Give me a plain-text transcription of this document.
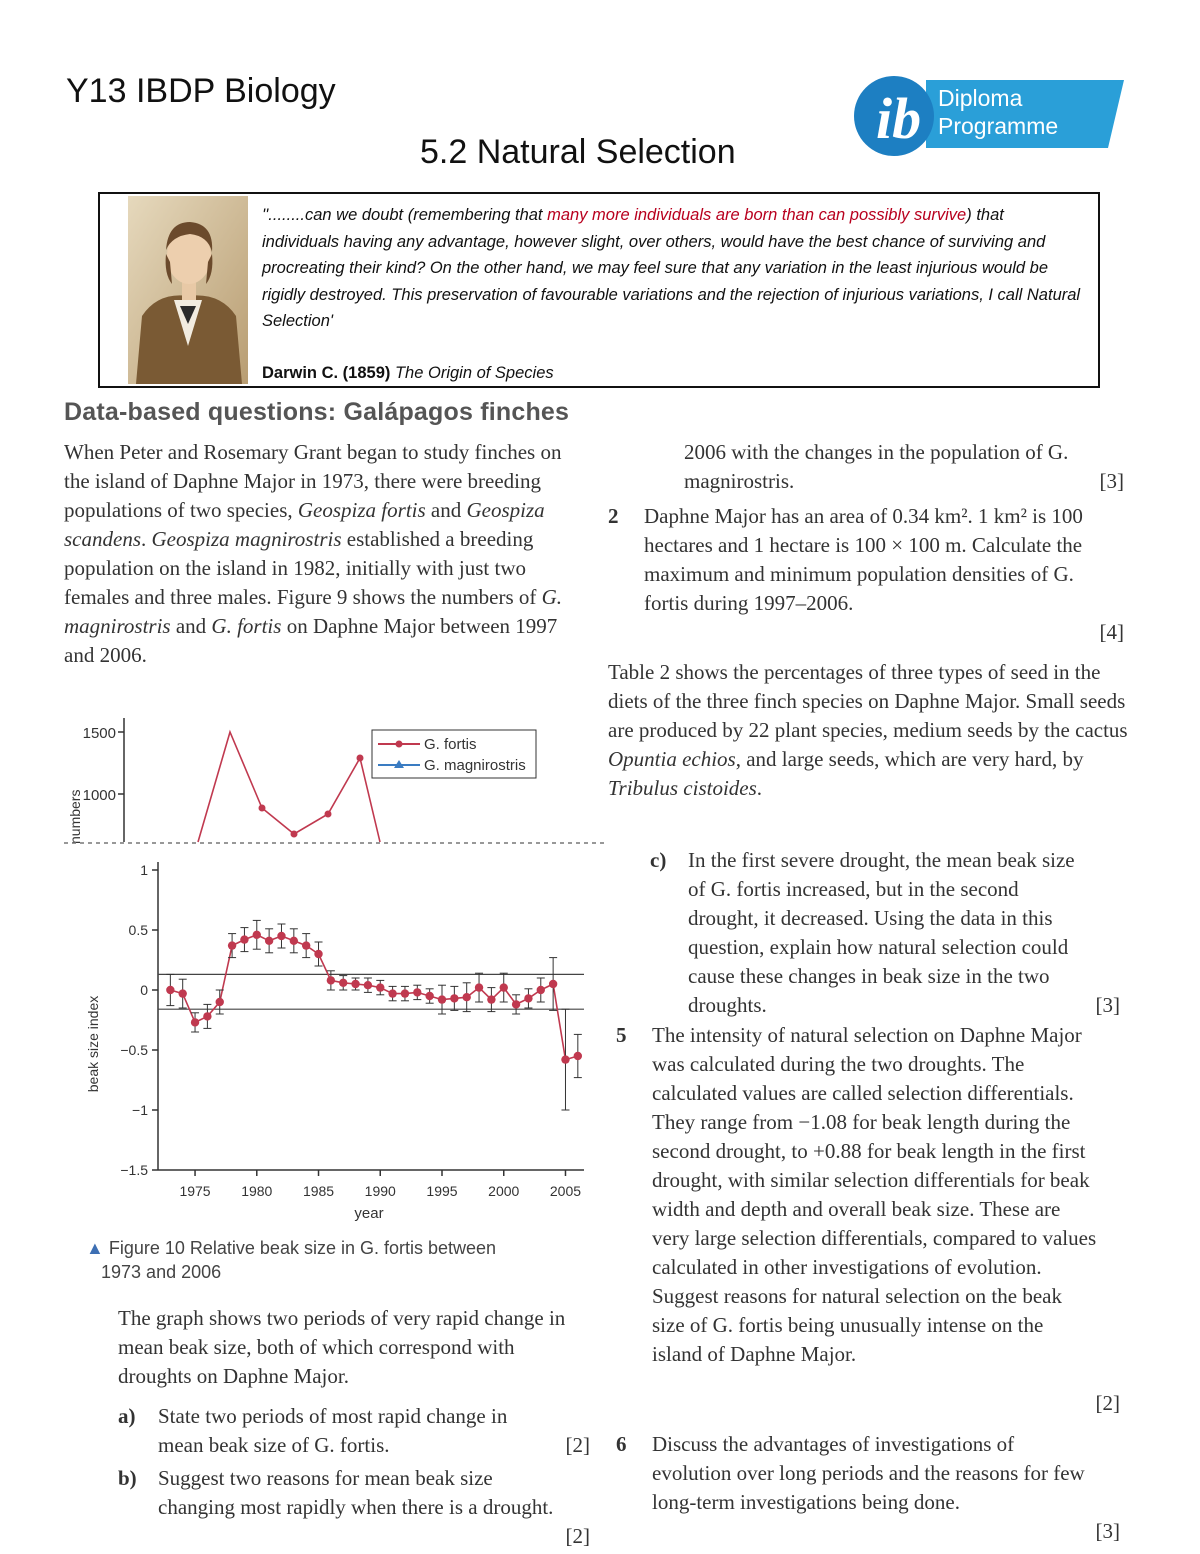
Y13 IBDP Biology
5.2 Natural Selection
ib Diploma
Programme
''........can we doubt (remembering that many more individuals are born than can possibly survive) that individuals having any advantage, however slight, over others, would have the best chance of surviving and procreating their kind? On the other hand, we may feel sure that any variation in the least injurious would be rigidly destroyed. This preservation of favourable variations and the rejection of injurious variations, I call Natural Selection'
Darwin C. (1859) The Origin of Species
Data-based questions: Galápagos finches
When Peter and Rosemary Grant began to study finches on the island of Daphne Major in 1973, there were breeding populations of two species, Geospiza fortis and Geospiza scandens. Geospiza magnirostris established a breeding population on the island in 1982, initially with just two females and three males. Figure 9 shows the numbers of G. magnirostris and G. fortis on Daphne Major between 1997 and 2006.
1500
1000
numbers
G. fortis
G. magnirostris
1
0.5
0
−0.5
−1
−1.5
1975 1980 1985 1990 1995 2000 2005
beak size index
year
▲ Figure 10 Relative beak size in G. fortis between
1973 and 2006
The graph shows two periods of very rapid change in mean beak size, both of which correspond with droughts on Daphne Major.
a) State two periods of most rapid change in mean beak size of G. fortis.	[2]
b) Suggest two reasons for mean beak size changing most rapidly when there is a drought.
[2]
2006 with the changes in the population of G. magnirostris.	[3]
2 Daphne Major has an area of 0.34 km². 1 km² is 100 hectares and 1 hectare is 100 × 100 m. Calculate the maximum and minimum population densities of G. fortis during 1997–2006.
[4]
Table 2 shows the percentages of three types of seed in the diets of the three finch species on Daphne Major. Small seeds are produced by 22 plant species, medium seeds by the cactus Opuntia echios, and large seeds, which are very hard, by Tribulus cistoides.
c) In the first severe drought, the mean beak size of G. fortis increased, but in the second drought, it decreased. Using the data in this question, explain how natural selection could cause these changes in beak size in the two droughts.	[3]
5 The intensity of natural selection on Daphne Major was calculated during the two droughts. The calculated values are called selection differentials. They range from −1.08 for beak length during the second drought, to +0.88 for beak length in the first drought, with similar selection differentials for beak width and depth and overall beak size. These are very large selection differentials, compared to values calculated in other investigations of evolution. Suggest reasons for natural selection on the beak size of G. fortis being unusually intense on the island of Daphne Major.
[2]
6 Discuss the advantages of investigations of evolution over long periods and the reasons for few long-term investigations being done.
[3]
